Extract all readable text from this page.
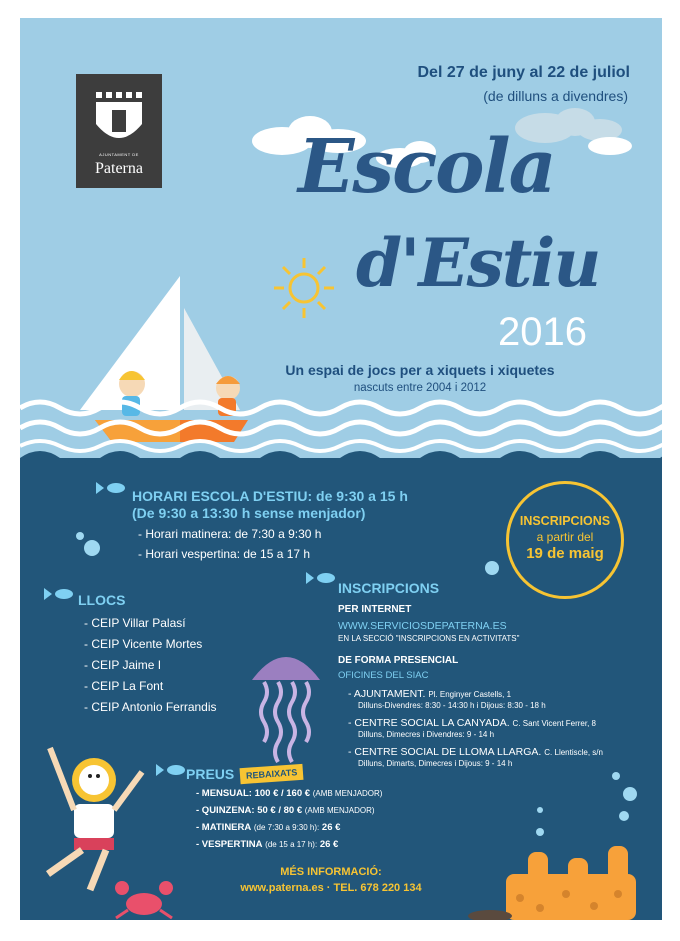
AJUNTAMENT DE
Paterna
Del 27 de juny al 22 de juliol
(de dilluns a divendres)
Escola
d'Estiu
2016
Un espai de jocs per a xiquets i xiquetes
nascuts entre 2004 i 2012
HORARI ESCOLA D'ESTIU: de 9:30 a 15 h
(De 9:30 a 13:30 h sense menjador)
- Horari matinera: de 7:30 a 9:30 h
- Horari vespertina: de 15 a 17 h
INSCRIPCIONS
a partir del
19 de maig
LLOCS
- CEIP Villar Palasí
- CEIP Vicente Mortes
- CEIP Jaime I
- CEIP La Font
- CEIP Antonio Ferrandis
INSCRIPCIONS
PER INTERNET
WWW.SERVICIOSDEPATERNA.ES
EN LA SECCIÓ "INSCRIPCIONS EN ACTIVITATS"
DE FORMA PRESENCIAL
OFICINES DEL SIAC
- AJUNTAMENT. Pl. Enginyer Castells, 1
Dilluns-Divendres: 8:30 - 14:30 h i Dijous: 8:30 - 18 h
- CENTRE SOCIAL LA CANYADA. C. Sant Vicent Ferrer, 8
Dilluns, Dimecres i Divendres: 9 - 14 h
- CENTRE SOCIAL DE LLOMA LLARGA. C. Llentiscle, s/n
Dilluns, Dimarts, Dimecres i Dijous: 9 - 14 h
PREUS
- MENSUAL: 100 € / 160 € (AMB MENJADOR)
- QUINZENA: 50 € / 80 € (AMB MENJADOR)
- MATINERA (de 7:30 a 9:30 h): 26 €
- VESPERTINA (de 15 a 17 h): 26 €
REBAIXATS
MÉS INFORMACIÓ:
www.paterna.es · TEL. 678 220 134
